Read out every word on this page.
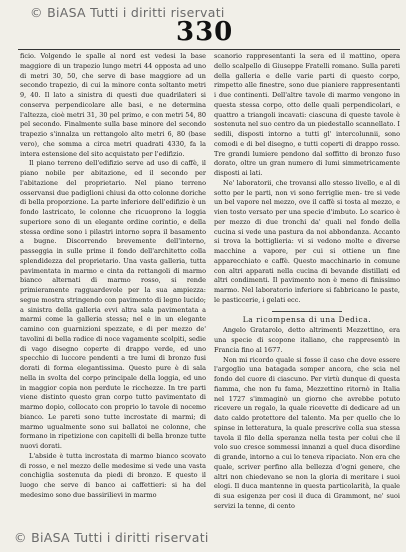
© BiASA Tutti i diritti riservati
330

ficio. Volgendo le spalle al nord est vedesi la base maggiore di un trapezio lungo metri 44 opposta ad uno di metri 30, 50, che serve di base maggiore ad un secondo trapezio, di cui la minore conta soltanto metri 9, 40. Il lato a sinistra di questi due quadrilateri si conserva perpendicolare alle basi, e ne determina l'altezza, cioè metri 31, 30 pel primo, e con metri 54, 80 pel secondo. Finalmente sulla base minore del secondo trapezio s'innalza un rettangolo alto metri 6, 80 (base vero), che somma a circa metri quadrati 4330, fa la intera estensione del sito acquistato per l'edifizio.

Il piano terreno dell'edifizio serve ad uso di caffè, il piano nobile per abitazione, ed il secondo per l'abitazione del proprietario. Nel piano terreno osservansi due padiglioni chiusi da otto colonne doriche di bella proporzione. La parte inferiore dell'edifizio è un fondo lastricato, le colonne che ricuoprono la loggia superiore sono di un elegante ordine corintio, e della stessa ordine sono i pilastri intorno sopra il basamento a bugne. Discorrendo brevemente dell'interno, passeggia in sulle prime il fondo dell'architetto colla splendidezza del proprietario. Una vasta galleria, tutta pavimentata in marmo e cinta da rettangoli di marmo bianco alternati di marmo rosso, si rende primieramente ragguardevole per la sua ampiezza: segue mostra stringendo con pavimento di legno lucido; a sinistra della galleria evvi altra sala pavimentata a marmi come la galleria stessa; nel e in un elegante camino con guarnizioni spezzate, e di per mezzo de' tavolini di bella radice di noce vagamente scolpiti, sedie di vago disegno coperte di drappo verde, ed uno specchio di luccore pendenti a tre lumi di bronzo fusi dorati di forma elegantissima. Questo pure è di sala nella in svolta del corpo principale della loggia, ed uno in maggior copia non perdute le ricchezze. In tre parti viene distinto questo gran corpo tutto pavimentato di marmo dopio, collocato con proprio lo tavole di nocemo bianco. Le pareti sono tutte incrostate di marmi; di marmo ugualmente sono sui ballatoi ne colonne, che formano in ripetizione con capitelli di bella bronze tutte nuovi dorati.

L'abside è tutta incrostata di marmo bianco scovato di rosso, e nel mezzo delle medesime si vede una vasta conchiglia sostenuta da piedi di bronzo. E questo il luogo che serve di banco ai caffettieri: si ha del medesimo sono due bassirilievi in marmo

scanorio rappresentanti la sera ed il mattino, opera dello scalpello di Giuseppe Fratelli romano. Sulla pareti della galleria e delle varie parti di questo corpo, rimpetto alle finestre, sono due pianiere rappresentanti i due continenti. Dell'altre tavole di marmo vengono in questa stessa corpo, otto delle quali perpendicolari, e quattro a triangoli incavati: ciascuna di queste tavole è sostenuta nel suo centro da un piedestallo scannellato. I sedili, disposti intorno a tutti gl' intercolunnii, sono comodi e di bel disegno, e tutti coperti di drappo rosso. Tre grandi lumiere pendono dal soffitto di bronzo fuso dorato, oltre un gran numero di lumi simmetricamente disposti ai lati.

Ne' laboratorii, che trovansi allo stesso livello, e al di sotto per le parti, non vi sono ferriglie men- tre si vede un bel vapore nel mezzo, ove il caffè si tosta al mezzo, e vien tosto versato per una specie d'imbuto. Lo scarico è per mezzo di due tronchi da' quali nel fondo della cucina si vede una pastura da noi abbondanza. Accanto si trova la bottiglieria: vi si vedono molte e diverse macchine a vapore, per cui si ottiene un fine apparecchiato e caffè. Questo macchinario in comune con altri apparati nella cucina di bevande distillati ed altri condimenti. Il pavimento non è meno di finissimo marmo. Nel laboratorio inferiore si fabbricano le paste, le pasticcerie, i gelati ecc.

La ricompensa di una Dedica.

Angelo Gratarolo, detto altrimenti Mezzettino, era una specie di scopone italiano, che rappresentò in Francia fino al 1677.

Non mi ricordo quale si fosse il caso che dove essere l'argoglio una batagada somper ancora, che scia nel fondo del cuore di ciascuno. Per virtù dunque di questa fiamma, che non fu fama, Mezzettino ritornò in Italia nel 1727 s'immaginò un giorno che avrebbe potuto ricevere un regalo, la quale ricevette di dedicare ad un dato caldo protettore del talento. Ma per quello che lo spinse in letteratura, la quale prescrive colla sua stessa tavola il filo della speranza nella testa per colui che il volo suo cresce sommessi innanzi a quel duca disordine di grande, intorno a cui lo teneva ripaciato. Non era che quale, scriver perfino alla bellezza d'ogni genere, che altri non chiedevano se non la gloria di meritare i suoi elogi. Il duca mantenne in questa particolarità, la quale di sua esigenza per cosi il duca di Grammont, ne' suoi servizi la tenne, di cento

© BiASA Tutti i diritti riservati
